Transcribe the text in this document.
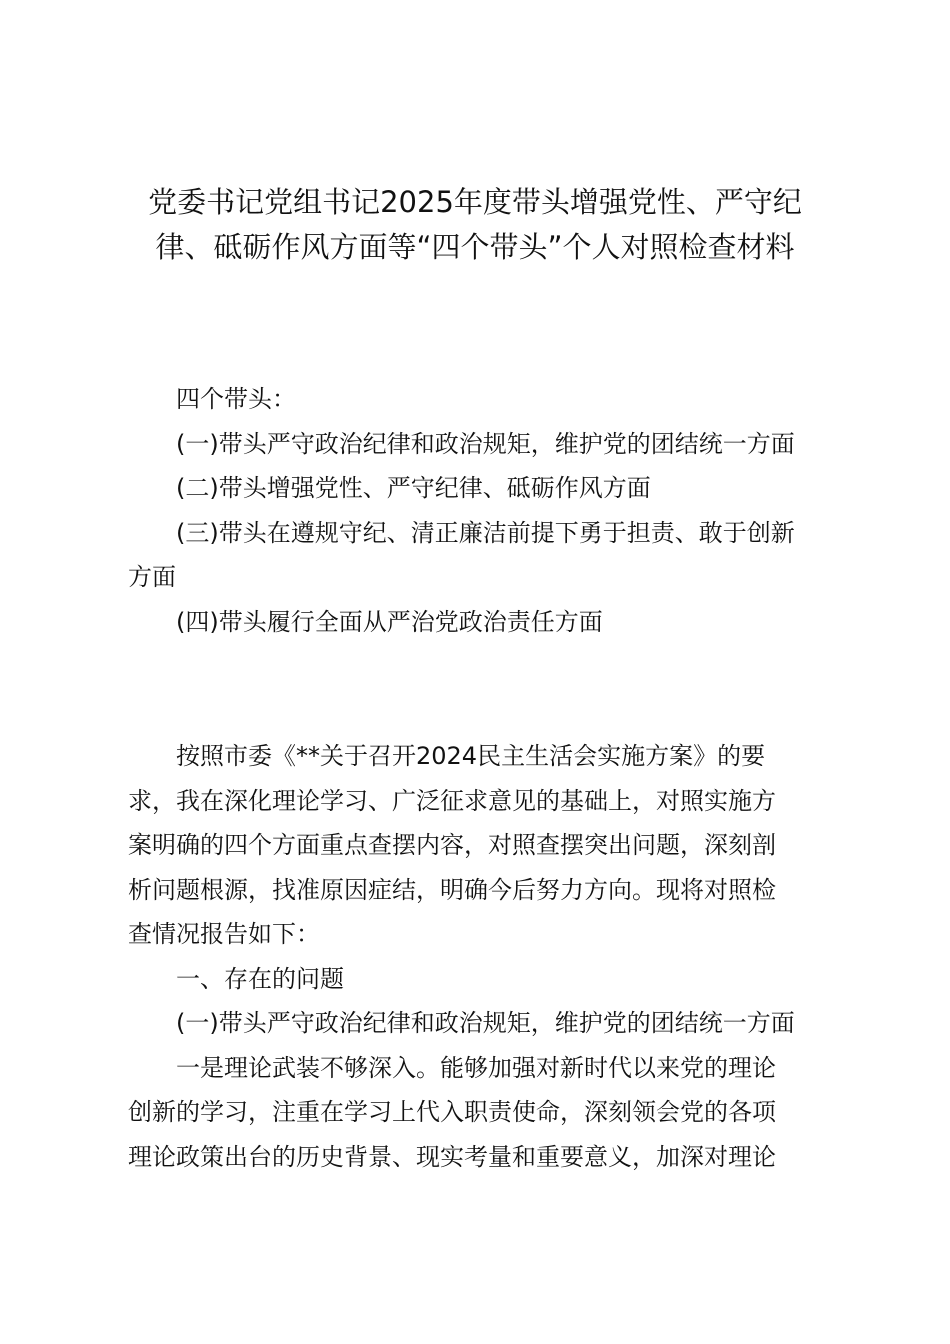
党委书记党组书记2025年度带头增强党性、严守纪
律、砥砺作风方面等“四个带头”个人对照检查材料
四个带头：
(一)带头严守政治纪律和政治规矩，维护党的团结统一方面
(二)带头增强党性、严守纪律、砥砺作风方面
(三)带头在遵规守纪、清正廉洁前提下勇于担责、敢于创新
方面
(四)带头履行全面从严治党政治责任方面
按照市委《**关于召开2024民主生活会实施方案》的要
求，我在深化理论学习、广泛征求意见的基础上，对照实施方
案明确的四个方面重点查摆内容，对照查摆突出问题，深刻剖
析问题根源，找准原因症结，明确今后努力方向。现将对照检
查情况报告如下：
一、存在的问题
(一)带头严守政治纪律和政治规矩，维护党的团结统一方面
一是理论武装不够深入。能够加强对新时代以来党的理论
创新的学习，注重在学习上代入职责使命，深刻领会党的各项
理论政策出台的历史背景、现实考量和重要意义，加深对理论
